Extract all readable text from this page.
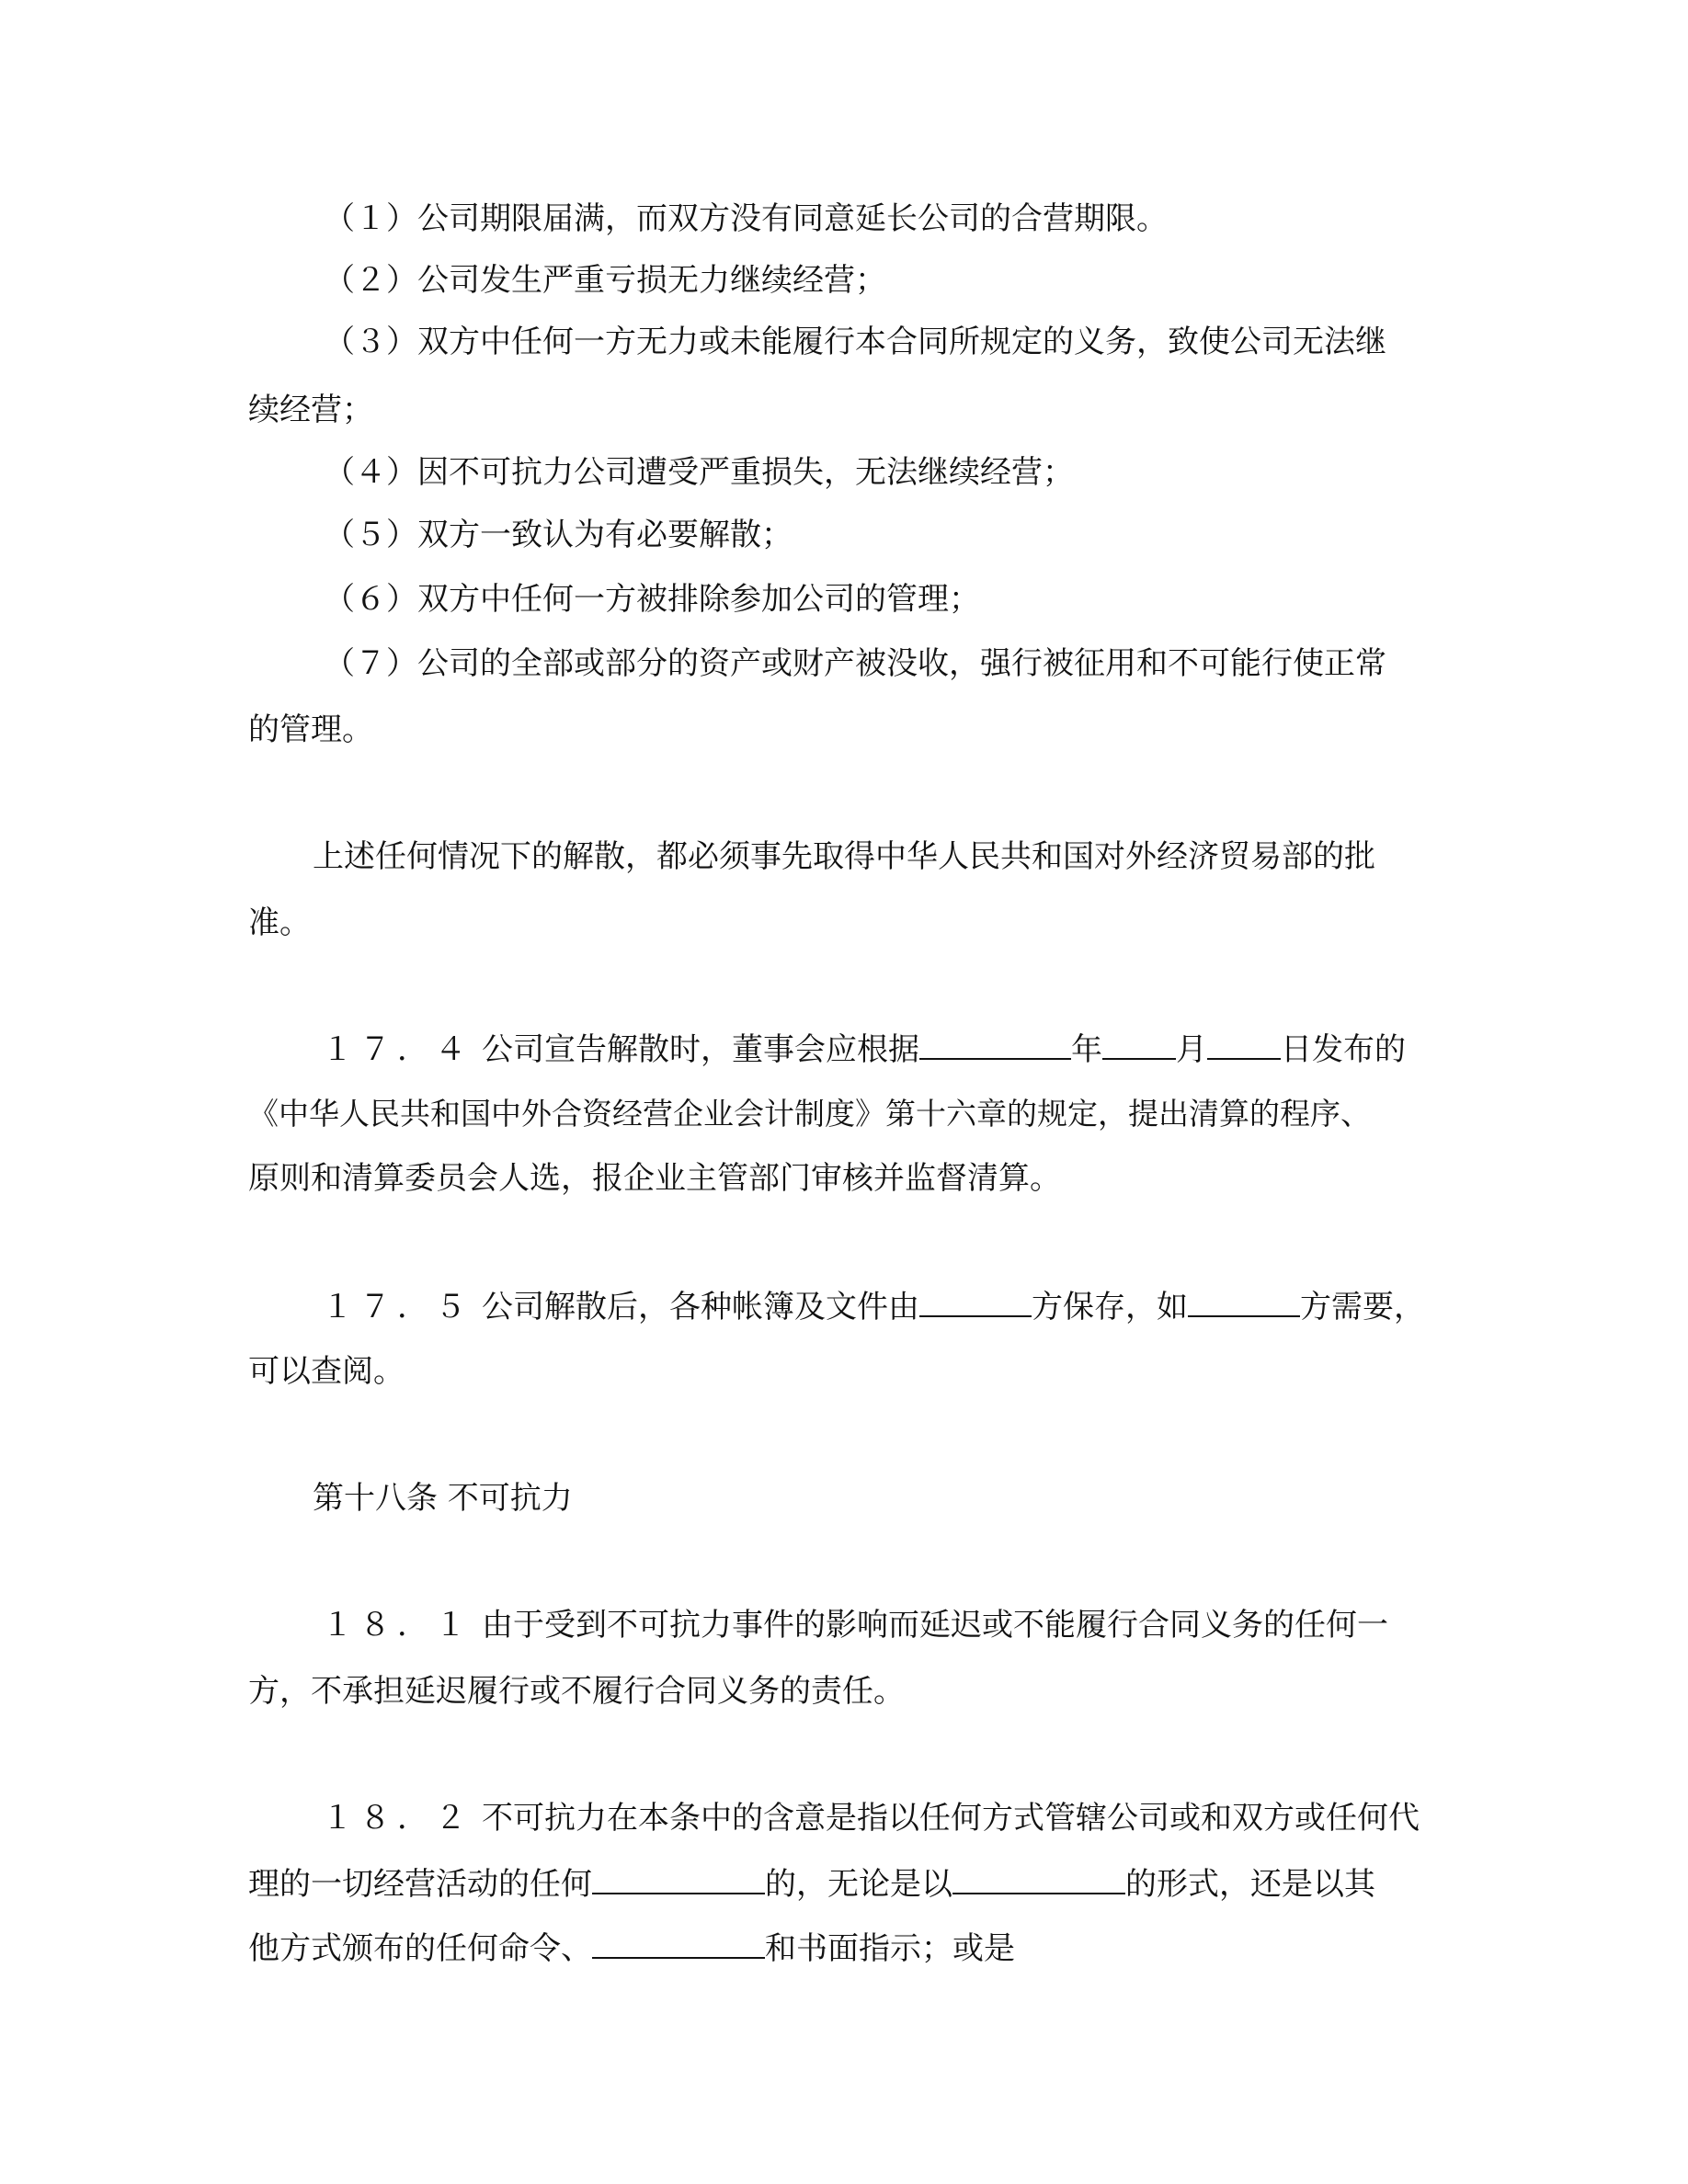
（１）公司期限届满，而双方没有同意延长公司的合营期限。
（２）公司发生严重亏损无力继续经营；
（３）双方中任何一方无力或未能履行本合同所规定的义务，致使公司无法继
续经营；
（４）因不可抗力公司遭受严重损失，无法继续经营；
（５）双方一致认为有必要解散；
（６）双方中任何一方被排除参加公司的管理；
（７）公司的全部或部分的资产或财产被没收，强行被征用和不可能行使正常
的管理。
上述任何情况下的解散，都必须事先取得中华人民共和国对外经济贸易部的批
准。
１７．４ 公司宣告解散时，董事会应根据	年 月 日发布的
《中华人民共和国中外合资经营企业会计制度》第十六章的规定，提出清算的程序、
原则和清算委员会人选，报企业主管部门审核并监督清算。
１７．５ 公司解散后，各种帐簿及文件由	方保存，如	方需要，
可以查阅。
第十八条 不可抗力
１８．１ 由于受到不可抗力事件的影响而延迟或不能履行合同义务的任何一
方，不承担延迟履行或不履行合同义务的责任。
１８．２ 不可抗力在本条中的含意是指以任何方式管辖公司或和双方或任何代
理的一切经营活动的任何	的，无论是以	的形式，还是以其
他方式颁布的任何命令、	和书面指示；或是
